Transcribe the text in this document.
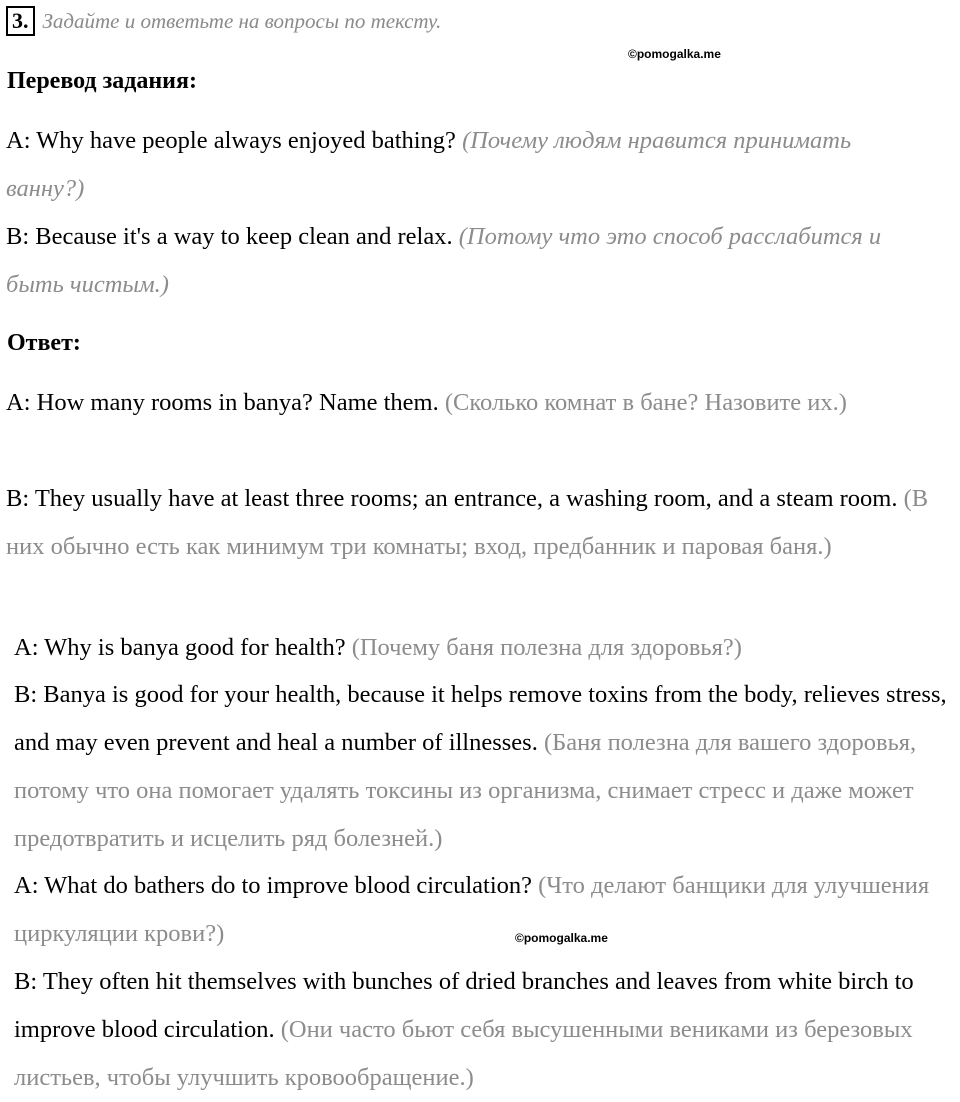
3. Задайте и ответьте на вопросы по тексту.
©pomogalka.me
Перевод задания:

A: Why have people always enjoyed bathing? (Почему людям нравится принимать ванну?)

B: Because it's a way to keep clean and relax. (Потому что это способ расслабится и быть чистым.)

Ответ:

A: How many rooms in banya? Name them. (Сколько комнат в бане? Назовите их.)

B: They usually have at least three rooms; an entrance, a washing room, and a steam room. (В них обычно есть как минимум три комнаты; вход, предбанник и паровая баня.)

A: Why is banya good for health? (Почему баня полезна для здоровья?)

B: Banya is good for your health, because it helps remove toxins from the body, relieves stress, and may even prevent and heal a number of illnesses. (Баня полезна для вашего здоровья, потому что она помогает удалять токсины из организма, снимает стресс и даже может предотвратить и исцелить ряд болезней.)

A: What do bathers do to improve blood circulation? (Что делают банщики для улучшения циркуляции крови?)	©pomogalka.me

B: They often hit themselves with bunches of dried branches and leaves from white birch to improve blood circulation. (Они часто бьют себя высушенными вениками из березовых листьев, чтобы улучшить кровообращение.)
